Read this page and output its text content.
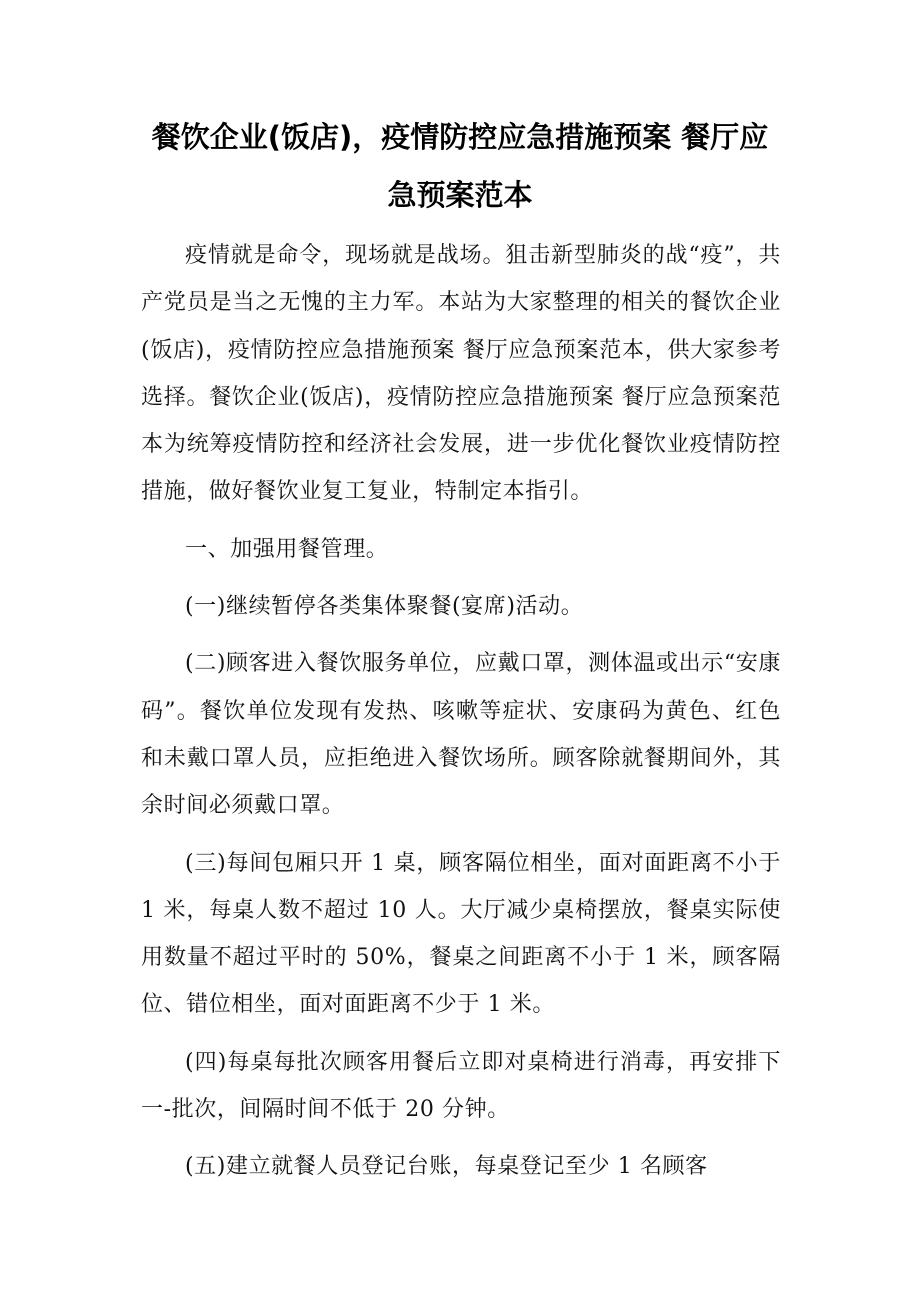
餐饮企业(饭店)，疫情防控应急措施预案 餐厅应急预案范本

疫情就是命令，现场就是战场。狙击新型肺炎的战“疫”，共产党员是当之无愧的主力军。本站为大家整理的相关的餐饮企业(饭店)，疫情防控应急措施预案 餐厅应急预案范本，供大家参考选择。餐饮企业(饭店)，疫情防控应急措施预案 餐厅应急预案范本为统筹疫情防控和经济社会发展，进一步优化餐饮业疫情防控措施，做好餐饮业复工复业，特制定本指引。

一、加强用餐管理。

(一)继续暂停各类集体聚餐(宴席)活动。

(二)顾客进入餐饮服务单位，应戴口罩，测体温或出示“安康码”。餐饮单位发现有发热、咳嗽等症状、安康码为黄色、红色和未戴口罩人员，应拒绝进入餐饮场所。顾客除就餐期间外，其余时间必须戴口罩。

(三)每间包厢只开 1 桌，顾客隔位相坐，面对面距离不小于 1 米，每桌人数不超过 10 人。大厅减少桌椅摆放，餐桌实际使用数量不超过平时的 50%，餐桌之间距离不小于 1 米，顾客隔位、错位相坐，面对面距离不少于 1 米。

(四)每桌每批次顾客用餐后立即对桌椅进行消毒，再安排下一-批次，间隔时间不低于 20 分钟。

(五)建立就餐人员登记台账，每桌登记至少 1 名顾客
